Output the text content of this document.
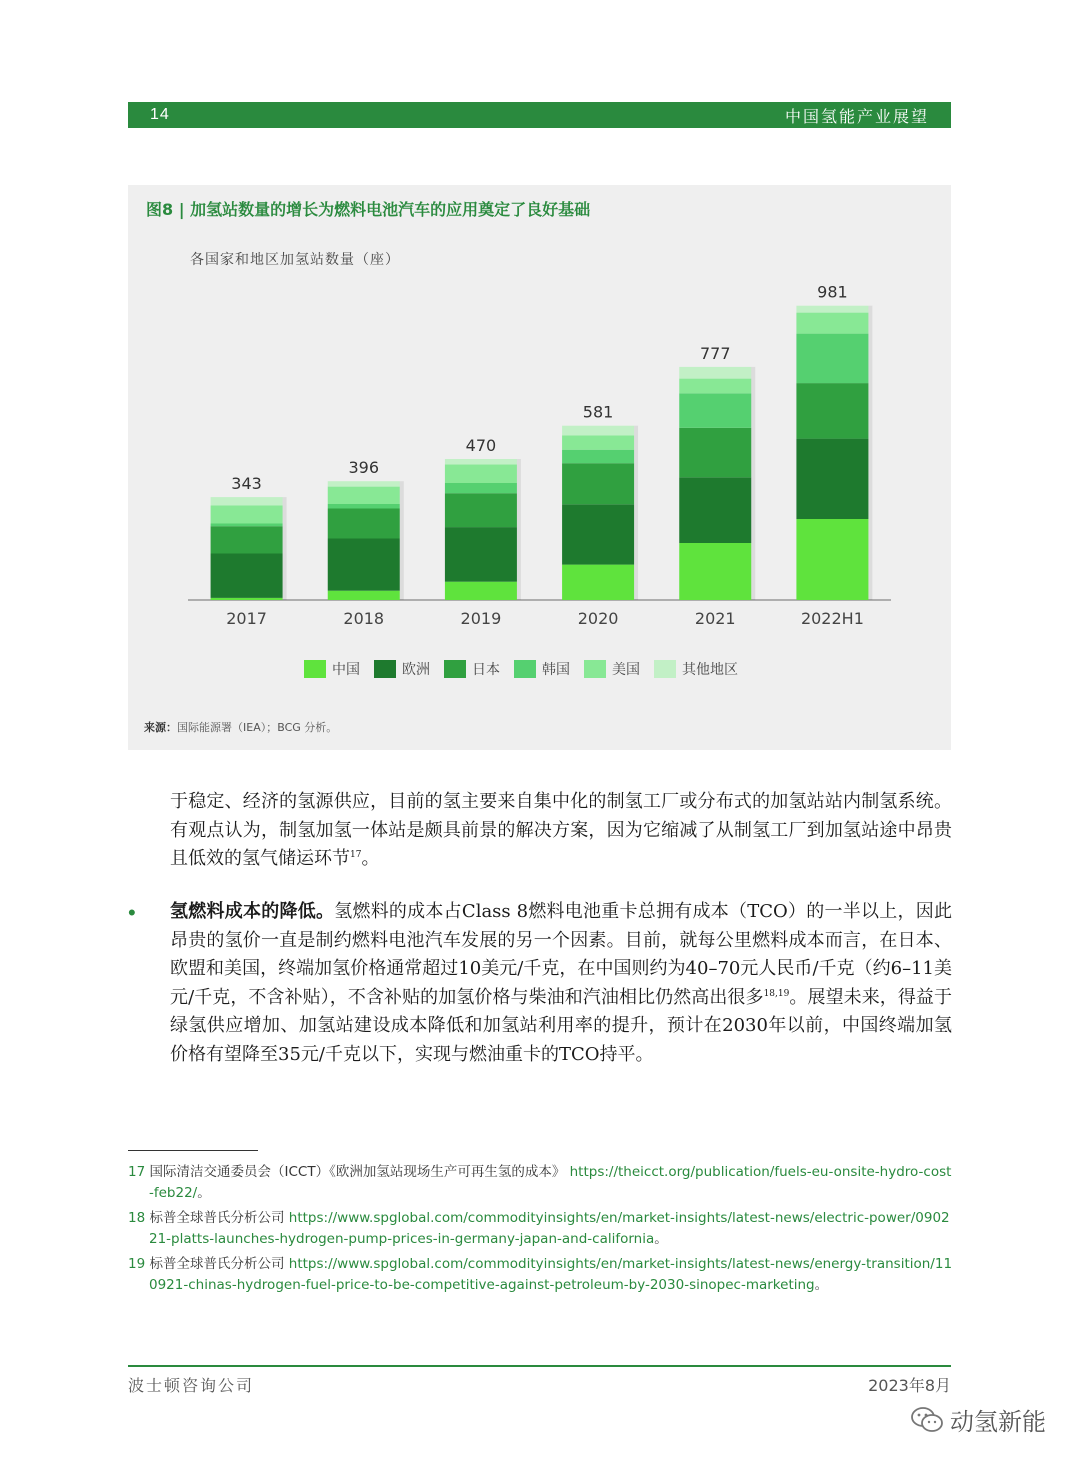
14	中国氢能产业展望
图8 | 加氢站数量的增长为燃料电池汽车的应用奠定了良好基础
各国家和地区加氢站数量（座）
343
2017
396
2018
470
2019
581
2020
777
2021
981
2022H1
中国	欧洲	日本	韩国	美国	其他地区
来源：国际能源署（IEA）；BCG 分析。

于稳定、经济的氢源供应，目前的氢主要来自集中化的制氢工厂或分布式的加氢站站内制氢系统。有观点认为，制氢加氢一体站是颇具前景的解决方案，因为它缩减了从制氢工厂到加氢站途中昂贵且低效的氢气储运环节$^{17}$。

• 氢燃料成本的降低。氢燃料的成本占Class 8燃料电池重卡总拥有成本（TCO）的一半以上，因此昂贵的氢价一直是制约燃料电池汽车发展的另一个因素。目前，就每公里燃料成本而言，在日本、欧盟和美国，终端加氢价格通常超过10美元/千克，在中国则约为40–70元人民币/千克（约6–11美元/千克，不含补贴），不含补贴的加氢价格与柴油和汽油相比仍然高出很多$^{18,19}$。展望未来，得益于绿氢供应增加、加氢站建设成本降低和加氢站利用率的提升，预计在2030年以前，中国终端加氢价格有望降至35元/千克以下，实现与燃油重卡的TCO持平。

17 国际清洁交通委员会（ICCT）《欧洲加氢站现场生产可再生氢的成本》 https://theicct.org/publication/fuels-eu-onsite-hydro-cost-feb22/。
18 标普全球普氏分析公司 https://www.spglobal.com/commodityinsights/en/market-insights/latest-news/electric-power/090221-platts-launches-hydrogen-pump-prices-in-germany-japan-and-california。
19 标普全球普氏分析公司 https://www.spglobal.com/commodityinsights/en/market-insights/latest-news/energy-transition/110921-chinas-hydrogen-fuel-price-to-be-competitive-against-petroleum-by-2030-sinopec-marketing。
波士顿咨询公司	2023年8月
动氢新能
